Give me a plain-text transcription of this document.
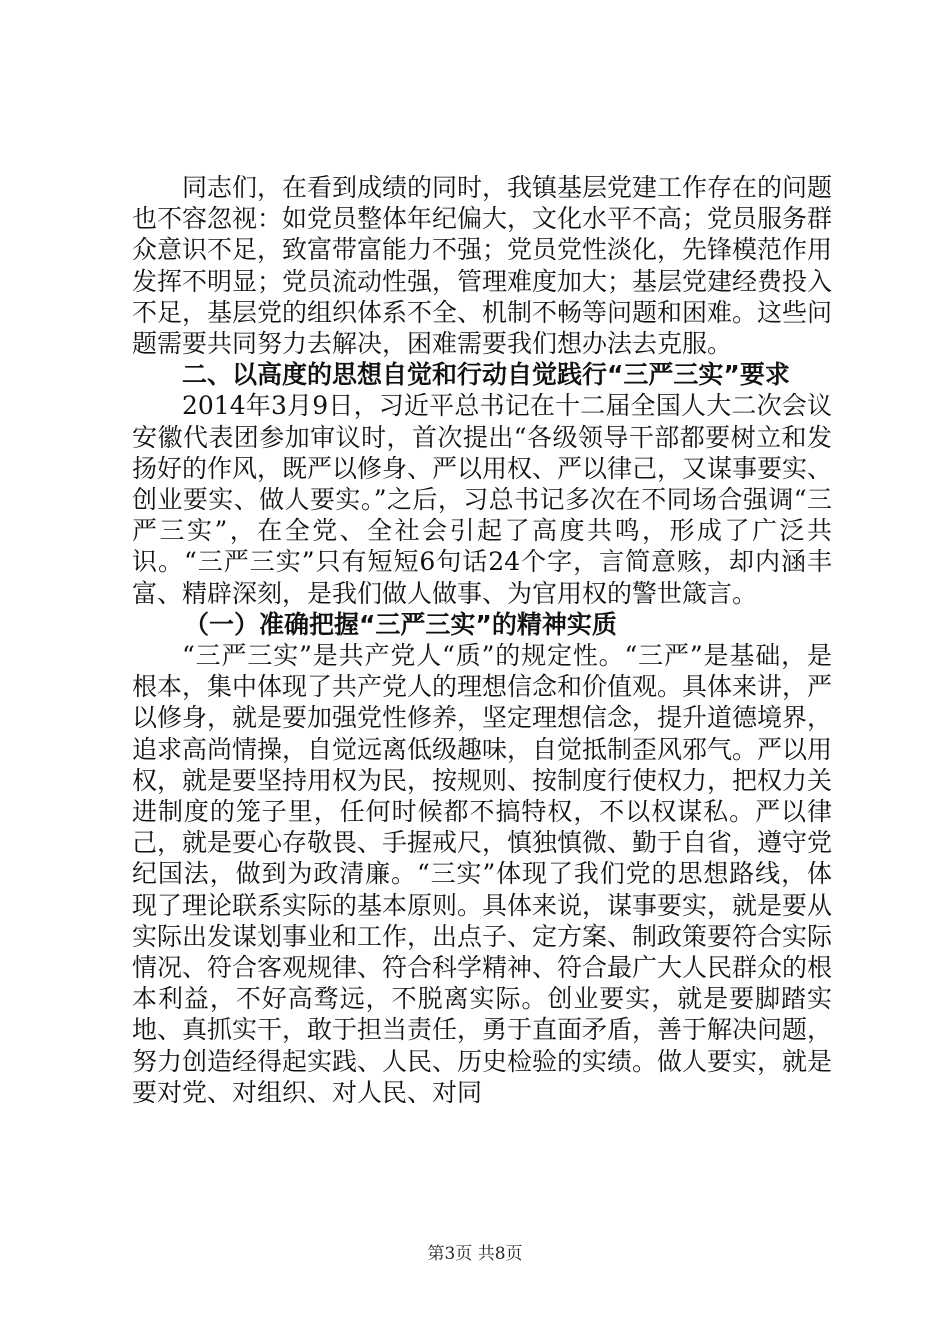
同志们，在看到成绩的同时，我镇基层党建工作存在的问题也不容忽视：如党员整体年纪偏大，文化水平不高；党员服务群众意识不足，致富带富能力不强；党员党性淡化，先锋模范作用发挥不明显；党员流动性强，管理难度加大；基层党建经费投入不足，基层党的组织体系不全、机制不畅等问题和困难。这些问题需要共同努力去解决，困难需要我们想办法去克服。

二、以高度的思想自觉和行动自觉践行“三严三实”要求

2014年3月9日，习近平总书记在十二届全国人大二次会议安徽代表团参加审议时，首次提出“各级领导干部都要树立和发扬好的作风，既严以修身、严以用权、严以律己，又谋事要实、创业要实、做人要实。”之后，习总书记多次在不同场合强调“三严三实”，在全党、全社会引起了高度共鸣，形成了广泛共识。“三严三实”只有短短6句话24个字，言简意赅，却内涵丰富、精辟深刻，是我们做人做事、为官用权的警世箴言。

（一）准确把握“三严三实”的精神实质

“三严三实”是共产党人“质”的规定性。“三严”是基础，是根本，集中体现了共产党人的理想信念和价值观。具体来讲，严以修身，就是要加强党性修养，坚定理想信念，提升道德境界，追求高尚情操，自觉远离低级趣味，自觉抵制歪风邪气。严以用权，就是要坚持用权为民，按规则、按制度行使权力，把权力关进制度的笼子里，任何时候都不搞特权，不以权谋私。严以律己，就是要心存敬畏、手握戒尺，慎独慎微、勤于自省，遵守党纪国法，做到为政清廉。“三实”体现了我们党的思想路线，体现了理论联系实际的基本原则。具体来说，谋事要实，就是要从实际出发谋划事业和工作，出点子、定方案、制政策要符合实际情况、符合客观规律、符合科学精神、符合最广大人民群众的根本利益，不好高骛远，不脱离实际。创业要实，就是要脚踏实地、真抓实干，敢于担当责任，勇于直面矛盾，善于解决问题，努力创造经得起实践、人民、历史检验的实绩。做人要实，就是要对党、对组织、对人民、对同

第3页 共8页
